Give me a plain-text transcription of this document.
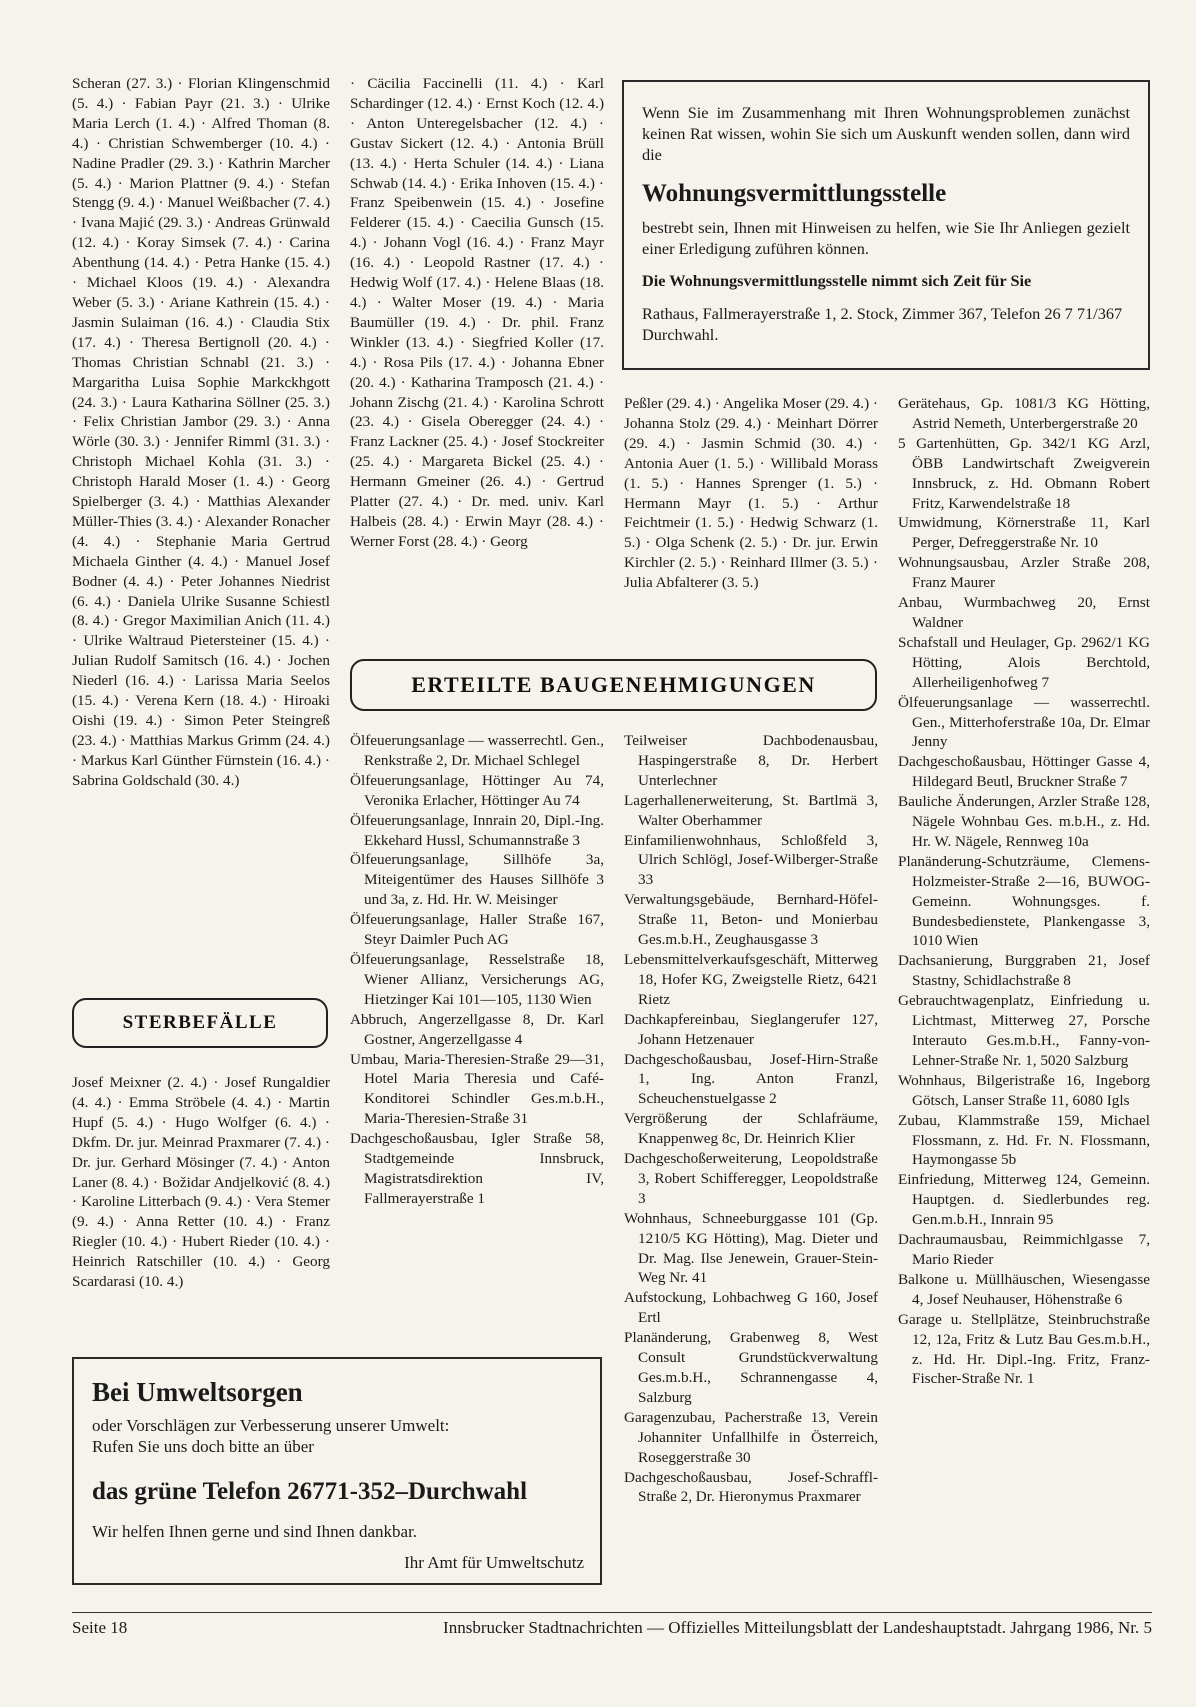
Scheran (27. 3.) · Florian Klingenschmid (5. 4.) · Fabian Payr (21. 3.) · Ulrike Maria Lerch (1. 4.) · Alfred Thoman (8. 4.) · Christian Schwemberger (10. 4.) · Nadine Pradler (29. 3.) · Kathrin Marcher (5. 4.) · Marion Plattner (9. 4.) · Stefan Stengg (9. 4.) · Manuel Weißbacher (7. 4.) · Ivana Majić (29. 3.) · Andreas Grünwald (12. 4.) · Koray Simsek (7. 4.) · Carina Abenthung (14. 4.) · Petra Hanke (15. 4.) · Michael Kloos (19. 4.) · Alexandra Weber (5. 3.) · Ariane Kathrein (15. 4.) · Jasmin Sulaiman (16. 4.) · Claudia Stix (17. 4.) · Theresa Bertignoll (20. 4.) · Thomas Christian Schnabl (21. 3.) · Margaritha Luisa Sophie Markckhgott (24. 3.) · Laura Katharina Söllner (25. 3.) · Felix Christian Jambor (29. 3.) · Anna Wörle (30. 3.) · Jennifer Rimml (31. 3.) · Christoph Michael Kohla (31. 3.) · Christoph Harald Moser (1. 4.) · Georg Spielberger (3. 4.) · Matthias Alexander Müller-Thies (3. 4.) · Alexander Ronacher (4. 4.) · Stephanie Maria Gertrud Michaela Ginther (4. 4.) · Manuel Josef Bodner (4. 4.) · Peter Johannes Niedrist (6. 4.) · Daniela Ulrike Susanne Schiestl (8. 4.) · Gregor Maximilian Anich (11. 4.) · Ulrike Waltraud Pietersteiner (15. 4.) · Julian Rudolf Samitsch (16. 4.) · Jochen Niederl (16. 4.) · Larissa Maria Seelos (15. 4.) · Verena Kern (18. 4.) · Hiroaki Oishi (19. 4.) · Simon Peter Steingreß (23. 4.) · Matthias Markus Grimm (24. 4.) · Markus Karl Günther Fürnstein (16. 4.) · Sabrina Goldschald (30. 4.)

STERBEFÄLLE

Josef Meixner (2. 4.) · Josef Rungaldier (4. 4.) · Emma Ströbele (4. 4.) · Martin Hupf (5. 4.) · Hugo Wolfger (6. 4.) · Dkfm. Dr. jur. Meinrad Praxmarer (7. 4.) · Dr. jur. Gerhard Mösinger (7. 4.) · Anton Laner (8. 4.) · Božidar Andjelković (8. 4.) · Karoline Litterbach (9. 4.) · Vera Stemer (9. 4.) · Anna Retter (10. 4.) · Franz Riegler (10. 4.) · Hubert Rieder (10. 4.) · Heinrich Ratschiller (10. 4.) · Georg Scardarasi (10. 4.)

Bei Umweltsorgen
oder Vorschlägen zur Verbesserung unserer Umwelt:
Rufen Sie uns doch bitte an über
das grüne Telefon 26771-352–Durchwahl
Wir helfen Ihnen gerne und sind Ihnen dankbar.
Ihr Amt für Umweltschutz

· Cäcilia Faccinelli (11. 4.) · Karl Schardinger (12. 4.) · Ernst Koch (12. 4.) · Anton Unteregelsbacher (12. 4.) · Gustav Sickert (12. 4.) · Antonia Brüll (13. 4.) · Herta Schuler (14. 4.) · Liana Schwab (14. 4.) · Erika Inhoven (15. 4.) · Franz Speibenwein (15. 4.) · Josefine Felderer (15. 4.) · Caecilia Gunsch (15. 4.) · Johann Vogl (16. 4.) · Franz Mayr (16. 4.) · Leopold Rastner (17. 4.) · Hedwig Wolf (17. 4.) · Helene Blaas (18. 4.) · Walter Moser (19. 4.) · Maria Baumüller (19. 4.) · Dr. phil. Franz Winkler (13. 4.) · Siegfried Koller (17. 4.) · Rosa Pils (17. 4.) · Johanna Ebner (20. 4.) · Katharina Tramposch (21. 4.) · Johann Zischg (21. 4.) · Karolina Schrott (23. 4.) · Gisela Oberegger (24. 4.) · Franz Lackner (25. 4.) · Josef Stockreiter (25. 4.) · Margareta Bickel (25. 4.) · Hermann Gmeiner (26. 4.) · Gertrud Platter (27. 4.) · Dr. med. univ. Karl Halbeis (28. 4.) · Erwin Mayr (28. 4.) · Werner Forst (28. 4.) · Georg

Peßler (29. 4.) · Angelika Moser (29. 4.) · Johanna Stolz (29. 4.) · Meinhart Dörrer (29. 4.) · Jasmin Schmid (30. 4.) · Antonia Auer (1. 5.) · Willibald Morass (1. 5.) · Hannes Sprenger (1. 5.) · Hermann Mayr (1. 5.) · Arthur Feichtmeir (1. 5.) · Hedwig Schwarz (1. 5.) · Olga Schenk (2. 5.) · Dr. jur. Erwin Kirchler (2. 5.) · Reinhard Illmer (3. 5.) · Julia Abfalterer (3. 5.)

Wenn Sie im Zusammenhang mit Ihren Wohnungsproblemen zunächst keinen Rat wissen, wohin Sie sich um Auskunft wenden sollen, dann wird die
Wohnungsvermittlungsstelle
bestrebt sein, Ihnen mit Hinweisen zu helfen, wie Sie Ihr Anliegen gezielt einer Erledigung zuführen können.
Die Wohnungsvermittlungsstelle nimmt sich Zeit für Sie
Rathaus, Fallmerayerstraße 1, 2. Stock, Zimmer 367, Telefon 26 7 71/367 Durchwahl.
ERTEILTE BAUGENEHMIGUNGEN

Ölfeuerungsanlage — wasserrechtl. Gen., Renkstraße 2, Dr. Michael Schlegel

Ölfeuerungsanlage, Höttinger Au 74, Veronika Erlacher, Höttinger Au 74

Ölfeuerungsanlage, Innrain 20, Dipl.-Ing. Ekkehard Hussl, Schumannstraße 3

Ölfeuerungsanlage, Sillhöfe 3a, Miteigentümer des Hauses Sillhöfe 3 und 3a, z. Hd. Hr. W. Meisinger

Ölfeuerungsanlage, Haller Straße 167, Steyr Daimler Puch AG

Ölfeuerungsanlage, Resselstraße 18, Wiener Allianz, Versicherungs AG, Hietzinger Kai 101—105, 1130 Wien

Abbruch, Angerzellgasse 8, Dr. Karl Gostner, Angerzellgasse 4

Umbau, Maria-Theresien-Straße 29—31, Hotel Maria Theresia und Café-Konditorei Schindler Ges.m.b.H., Maria-Theresien-Straße 31

Dachgeschoßausbau, Igler Straße 58, Stadtgemeinde Innsbruck, Magistratsdirektion IV, Fallmerayerstraße 1

Teilweiser Dachbodenausbau, Haspingerstraße 8, Dr. Herbert Unterlechner

Lagerhallenerweiterung, St. Bartlmä 3, Walter Oberhammer

Einfamilienwohnhaus, Schloßfeld 3, Ulrich Schlögl, Josef-Wilberger-Straße 33

Verwaltungsgebäude, Bernhard-Höfel-Straße 11, Beton- und Monierbau Ges.m.b.H., Zeughausgasse 3

Lebensmittelverkaufsgeschäft, Mitterweg 18, Hofer KG, Zweigstelle Rietz, 6421 Rietz

Dachkapfereinbau, Sieglangerufer 127, Johann Hetzenauer

Dachgeschoßausbau, Josef-Hirn-Straße 1, Ing. Anton Franzl, Scheuchenstuelgasse 2

Vergrößerung der Schlafräume, Knappenweg 8c, Dr. Heinrich Klier

Dachgeschoßerweiterung, Leopoldstraße 3, Robert Schifferegger, Leopoldstraße 3

Wohnhaus, Schneeburggasse 101 (Gp. 1210/5 KG Hötting), Mag. Dieter und Dr. Mag. Ilse Jenewein, Grauer-Stein-Weg Nr. 41

Aufstockung, Lohbachweg G 160, Josef Ertl

Planänderung, Grabenweg 8, West Consult Grundstückverwaltung Ges.m.b.H., Schrannengasse 4, Salzburg

Garagenzubau, Pacherstraße 13, Verein Johanniter Unfallhilfe in Österreich, Roseggerstraße 30

Dachgeschoßausbau, Josef-Schraffl-Straße 2, Dr. Hieronymus Praxmarer

Gerätehaus, Gp. 1081/3 KG Hötting, Astrid Nemeth, Unterbergerstraße 20

5 Gartenhütten, Gp. 342/1 KG Arzl, ÖBB Landwirtschaft Zweigverein Innsbruck, z. Hd. Obmann Robert Fritz, Karwendelstraße 18

Umwidmung, Körnerstraße 11, Karl Perger, Defreggerstraße Nr. 10

Wohnungsausbau, Arzler Straße 208, Franz Maurer

Anbau, Wurmbachweg 20, Ernst Waldner

Schafstall und Heulager, Gp. 2962/1 KG Hötting, Alois Berchtold, Allerheiligenhofweg 7

Ölfeuerungsanlage — wasserrechtl. Gen., Mitterhoferstraße 10a, Dr. Elmar Jenny

Dachgeschoßausbau, Höttinger Gasse 4, Hildegard Beutl, Bruckner Straße 7

Bauliche Änderungen, Arzler Straße 128, Nägele Wohnbau Ges. m.b.H., z. Hd. Hr. W. Nägele, Rennweg 10a

Planänderung-Schutzräume, Clemens-Holzmeister-Straße 2—16, BUWOG-Gemeinn. Wohnungsges. f. Bundesbedienstete, Plankengasse 3, 1010 Wien

Dachsanierung, Burggraben 21, Josef Stastny, Schidlachstraße 8

Gebrauchtwagenplatz, Einfriedung u. Lichtmast, Mitterweg 27, Porsche Interauto Ges.m.b.H., Fanny-von-Lehner-Straße Nr. 1, 5020 Salzburg

Wohnhaus, Bilgeristraße 16, Ingeborg Götsch, Lanser Straße 11, 6080 Igls

Zubau, Klammstraße 159, Michael Flossmann, z. Hd. Fr. N. Flossmann, Haymongasse 5b

Einfriedung, Mitterweg 124, Gemeinn. Hauptgen. d. Siedlerbundes reg. Gen.m.b.H., Innrain 95

Dachraumausbau, Reimmichlgasse 7, Mario Rieder

Balkone u. Müllhäuschen, Wiesengasse 4, Josef Neuhauser, Höhenstraße 6

Garage u. Stellplätze, Steinbruchstraße 12, 12a, Fritz & Lutz Bau Ges.m.b.H., z. Hd. Hr. Dipl.-Ing. Fritz, Franz-Fischer-Straße Nr. 1

Seite 18	Innsbrucker Stadtnachrichten — Offizielles Mitteilungsblatt der Landeshauptstadt. Jahrgang 1986, Nr. 5
